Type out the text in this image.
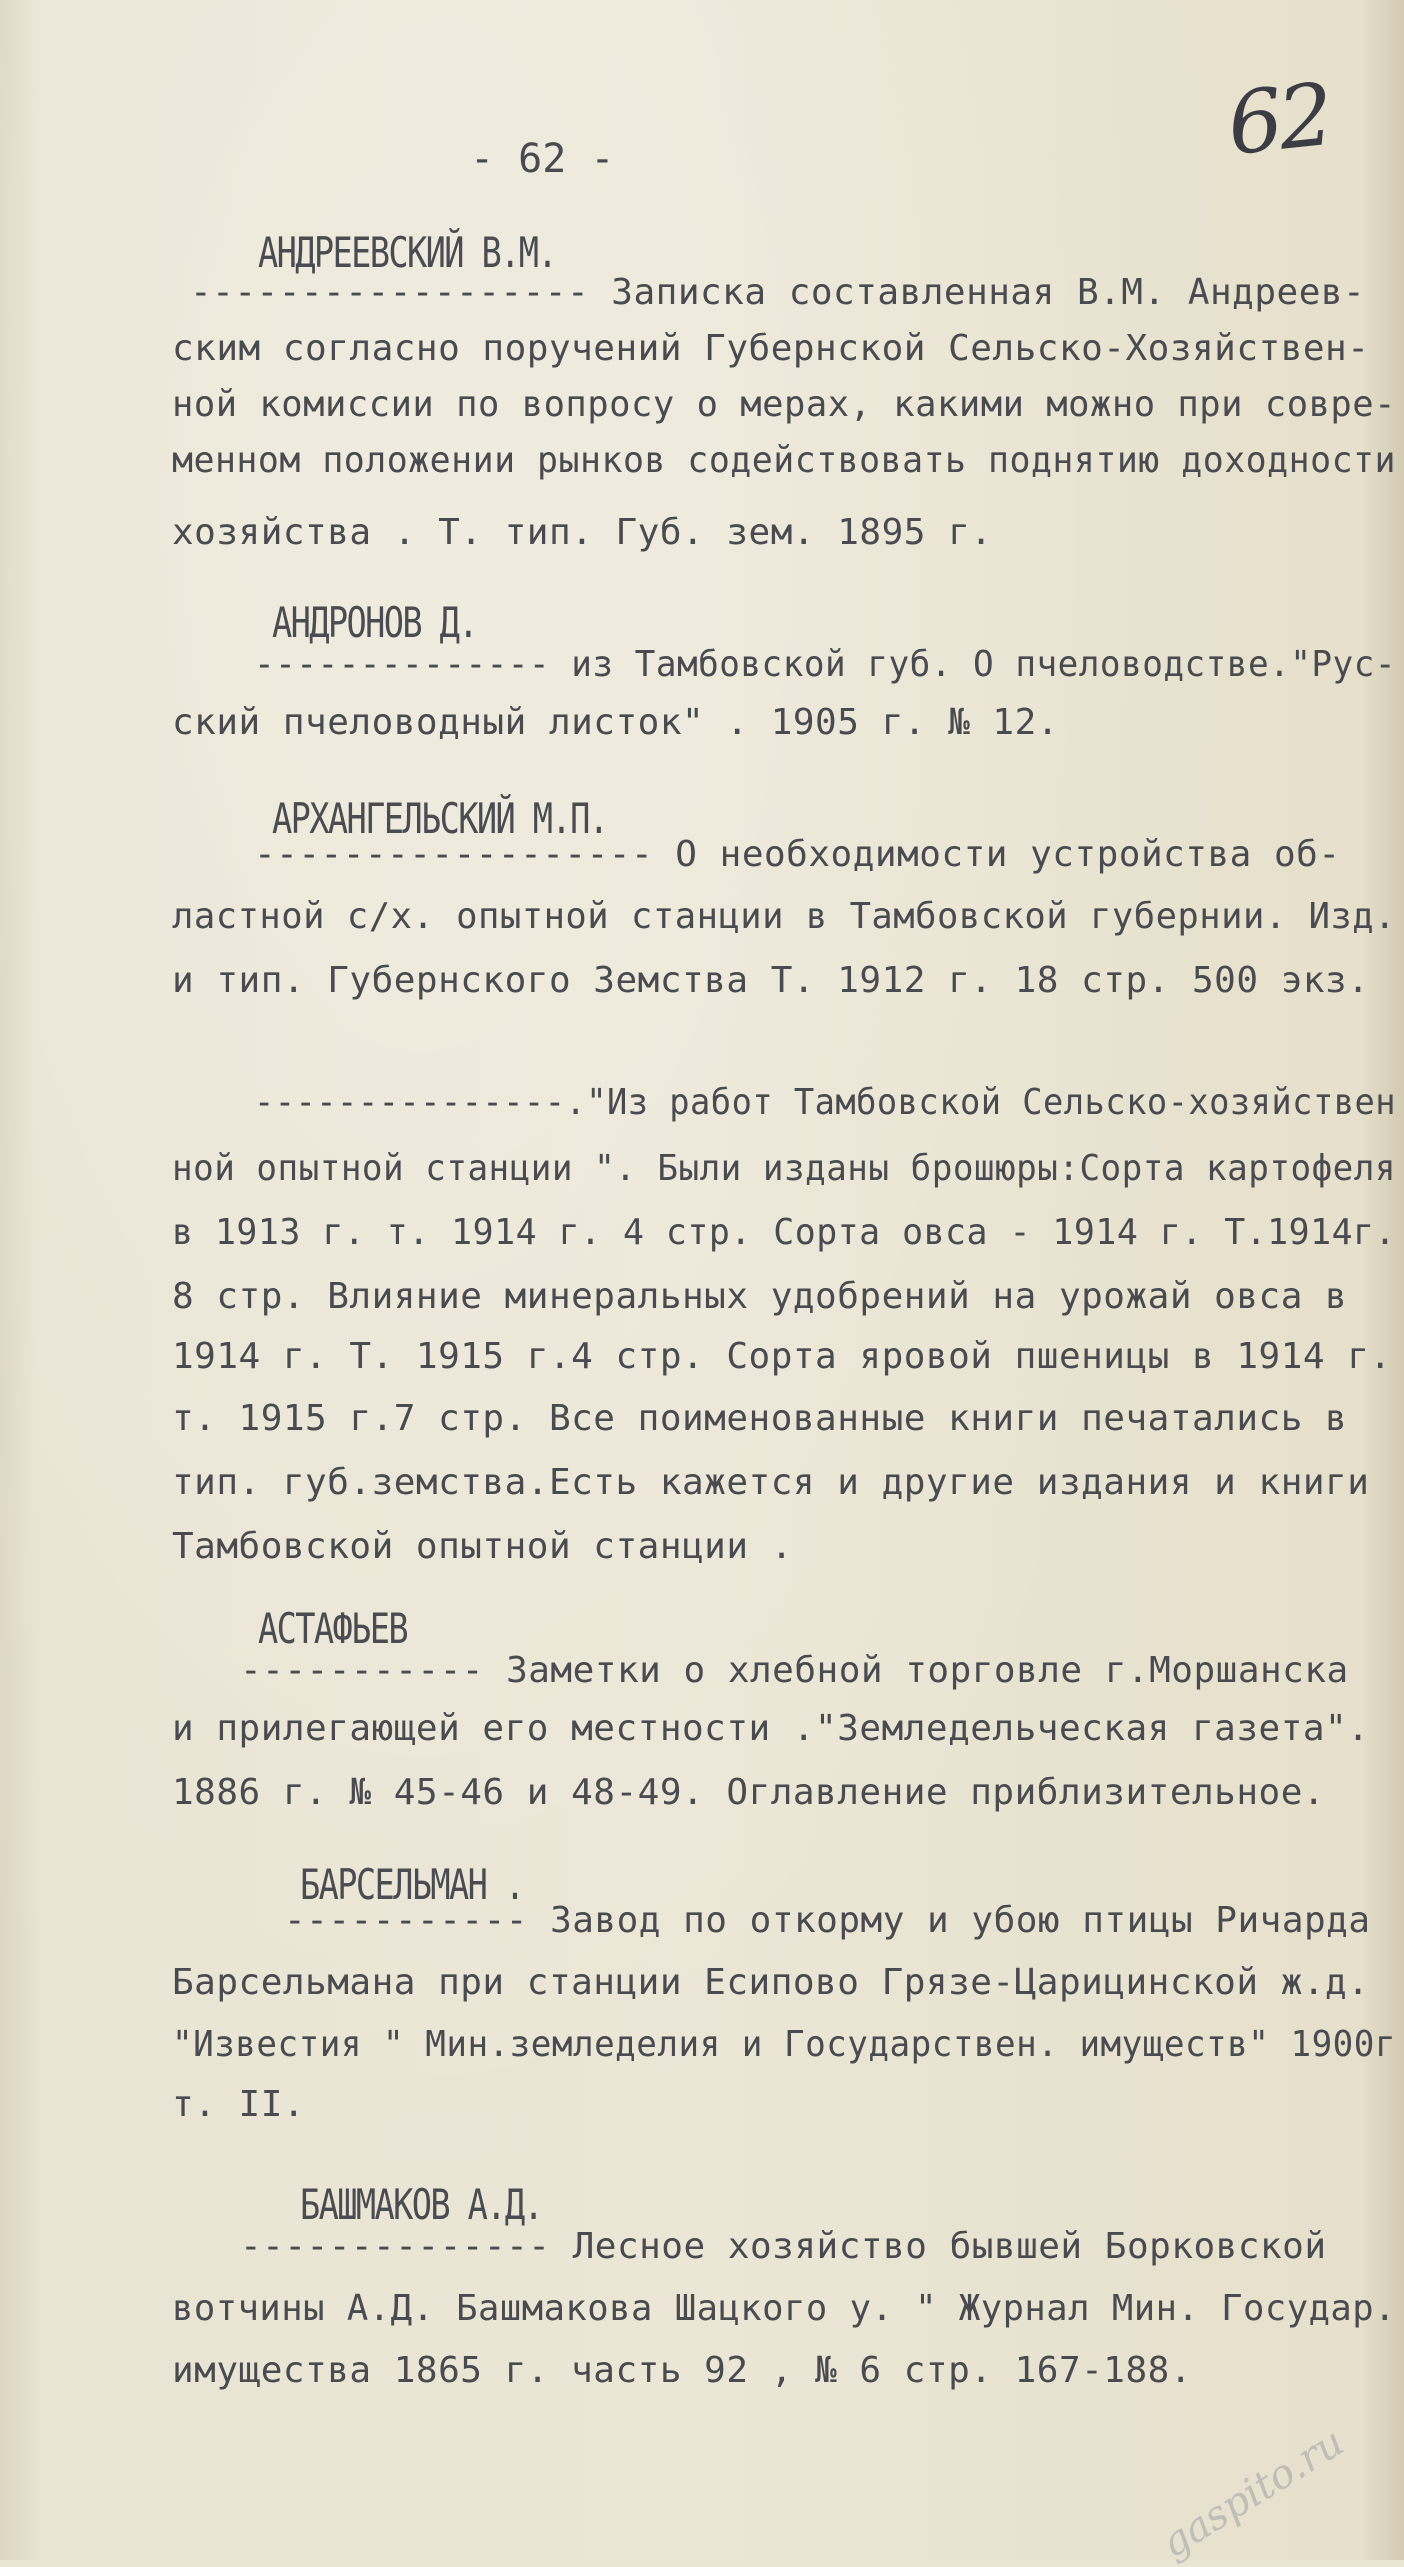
62
- 62 -
АНДРЕЕВСКИЙ В.М.
------------------ Записка составленная В.М. Андреев-
ским согласно поручений Губернской Сельско-Хозяйствен-
ной комиссии по вопросу о мерах, какими можно при совре-
менном положении рынков содействовать поднятию доходности
хозяйства . Т. тип. Губ. зем. 1895 г.
АНДРОНОВ Д.
-------------- из Тамбовской губ. О пчеловодстве."Рус-
ский пчеловодный листок" . 1905 г. № 12.
АРХАНГЕЛЬСКИЙ М.П.
------------------ О необходимости устройства об-
ластной с/х. опытной станции в Тамбовской губернии. Изд.
и тип. Губернского Земства Т. 1912 г. 18 стр. 500 экз.
---------------."Из работ Тамбовской Сельско-хозяйствен
ной опытной станции ". Были изданы брошюры:Сорта картофеля
в 1913 г. т. 1914 г. 4 стр. Сорта овса - 1914 г. Т.1914г.
8 стр. Влияние минеральных удобрений на урожай овса в
1914 г. Т. 1915 г.4 стр. Сорта яровой пшеницы в 1914 г.
т. 1915 г.7 стр. Все поименованные книги печатались в
тип. губ.земства.Есть кажется и другие издания и книги
Тамбовской опытной станции .
АСТАФЬЕВ
----------- Заметки о хлебной торговле г.Моршанска
и прилегающей его местности ."Земледельческая газета".
1886 г. № 45-46 и 48-49. Оглавление приблизительное.
БАРСЕЛЬМАН .
----------- Завод по откорму и убою птицы Ричарда
Барсельмана при станции Есипово Грязе-Царицинской ж.д.
"Известия " Мин.земледелия и Государствен. имуществ" 1900г
т. II.
БАШМАКОВ А.Д.
-------------- Лесное хозяйство бывшей Борковской
вотчины А.Д. Башмакова Шацкого у. " Журнал Мин. Государ.
имущества 1865 г. часть 92 , № 6 стр. 167-188.
gaspito.ru
